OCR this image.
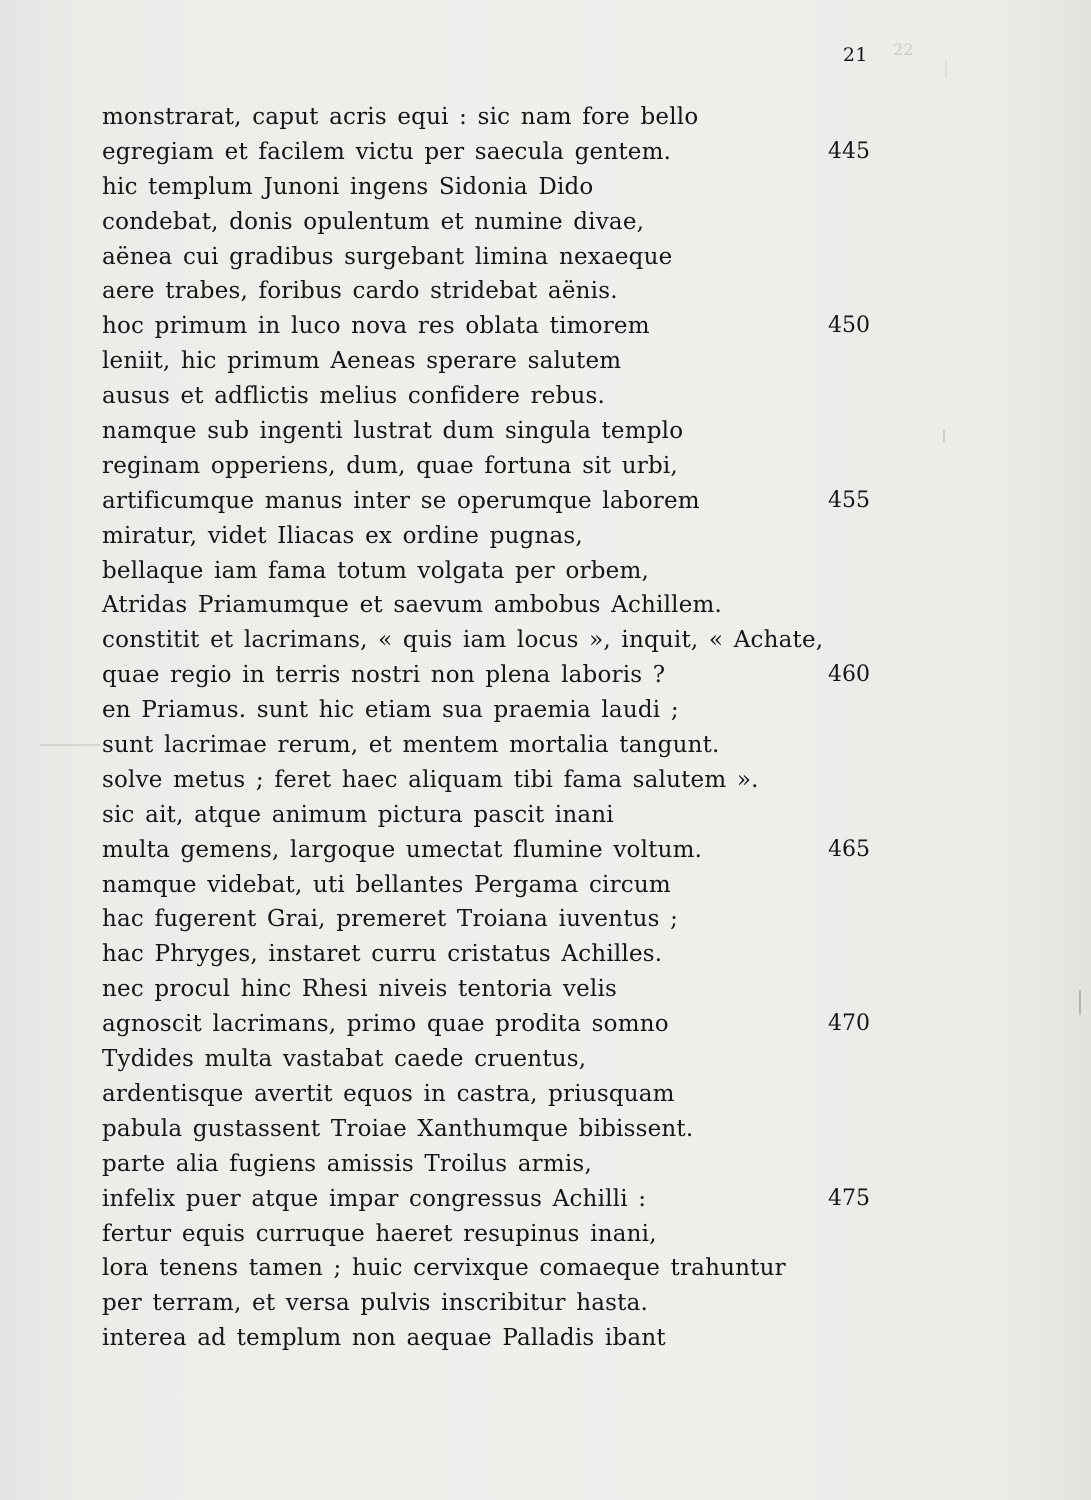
22
21
monstrarat, caput acris equi : sic nam fore bello
egregiam et facilem victu per saecula gentem.	445
hic templum Junoni ingens Sidonia Dido
condebat, donis opulentum et numine divae,
aënea cui gradibus surgebant limina nexaeque
aere trabes, foribus cardo stridebat aënis.
hoc primum in luco nova res oblata timorem	450
leniit, hic primum Aeneas sperare salutem
ausus et adflictis melius confidere rebus.
namque sub ingenti lustrat dum singula templo
reginam opperiens, dum, quae fortuna sit urbi,
artificumque manus inter se operumque laborem	455
miratur, videt Iliacas ex ordine pugnas,
bellaque iam fama totum volgata per orbem,
Atridas Priamumque et saevum ambobus Achillem.
constitit et lacrimans, « quis iam locus », inquit, « Achate,
quae regio in terris nostri non plena laboris ?	460
en Priamus. sunt hic etiam sua praemia laudi ;
sunt lacrimae rerum, et mentem mortalia tangunt.
solve metus ; feret haec aliquam tibi fama salutem ».
sic ait, atque animum pictura pascit inani
multa gemens, largoque umectat flumine voltum.	465
namque videbat, uti bellantes Pergama circum
hac fugerent Grai, premeret Troiana iuventus ;
hac Phryges, instaret curru cristatus Achilles.
nec procul hinc Rhesi niveis tentoria velis
agnoscit lacrimans, primo quae prodita somno	470
Tydides multa vastabat caede cruentus,
ardentisque avertit equos in castra, priusquam
pabula gustassent Troiae Xanthumque bibissent.
parte alia fugiens amissis Troilus armis,
infelix puer atque impar congressus Achilli :	475
fertur equis curruque haeret resupinus inani,
lora tenens tamen ; huic cervixque comaeque trahuntur
per terram, et versa pulvis inscribitur hasta.
interea ad templum non aequae Palladis ibant
